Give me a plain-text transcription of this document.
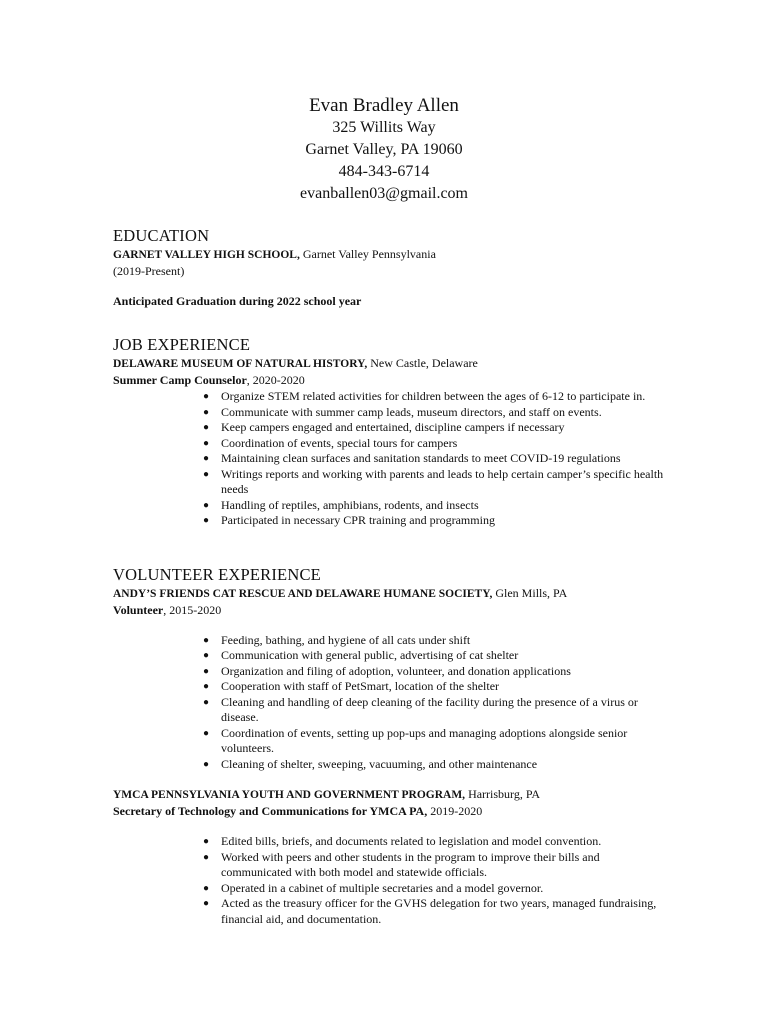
Evan Bradley Allen
325 Willits Way
Garnet Valley, PA 19060
484-343-6714
evanballen03@gmail.com
EDUCATION
GARNET VALLEY HIGH SCHOOL, Garnet Valley Pennsylvania
(2019-Present)
Anticipated Graduation during 2022 school year
JOB EXPERIENCE
DELAWARE MUSEUM OF NATURAL HISTORY, New Castle, Delaware
Summer Camp Counselor, 2020-2020
● Organize STEM related activities for children between the ages of 6-12 to participate in.
● Communicate with summer camp leads, museum directors, and staff on events.
● Keep campers engaged and entertained, discipline campers if necessary
● Coordination of events, special tours for campers
● Maintaining clean surfaces and sanitation standards to meet COVID-19 regulations
● Writings reports and working with parents and leads to help certain camper’s specific health needs
● Handling of reptiles, amphibians, rodents, and insects
● Participated in necessary CPR training and programming
VOLUNTEER EXPERIENCE
ANDY’S FRIENDS CAT RESCUE AND DELAWARE HUMANE SOCIETY, Glen Mills, PA
Volunteer, 2015-2020
● Feeding, bathing, and hygiene of all cats under shift
● Communication with general public, advertising of cat shelter
● Organization and filing of adoption, volunteer, and donation applications
● Cooperation with staff of PetSmart, location of the shelter
● Cleaning and handling of deep cleaning of the facility during the presence of a virus or disease.
● Coordination of events, setting up pop-ups and managing adoptions alongside senior volunteers.
● Cleaning of shelter, sweeping, vacuuming, and other maintenance
YMCA PENNSYLVANIA YOUTH AND GOVERNMENT PROGRAM, Harrisburg, PA
Secretary of Technology and Communications for YMCA PA, 2019-2020
● Edited bills, briefs, and documents related to legislation and model convention.
● Worked with peers and other students in the program to improve their bills and communicated with both model and statewide officials.
● Operated in a cabinet of multiple secretaries and a model governor.
● Acted as the treasury officer for the GVHS delegation for two years, managed fundraising, financial aid, and documentation.
